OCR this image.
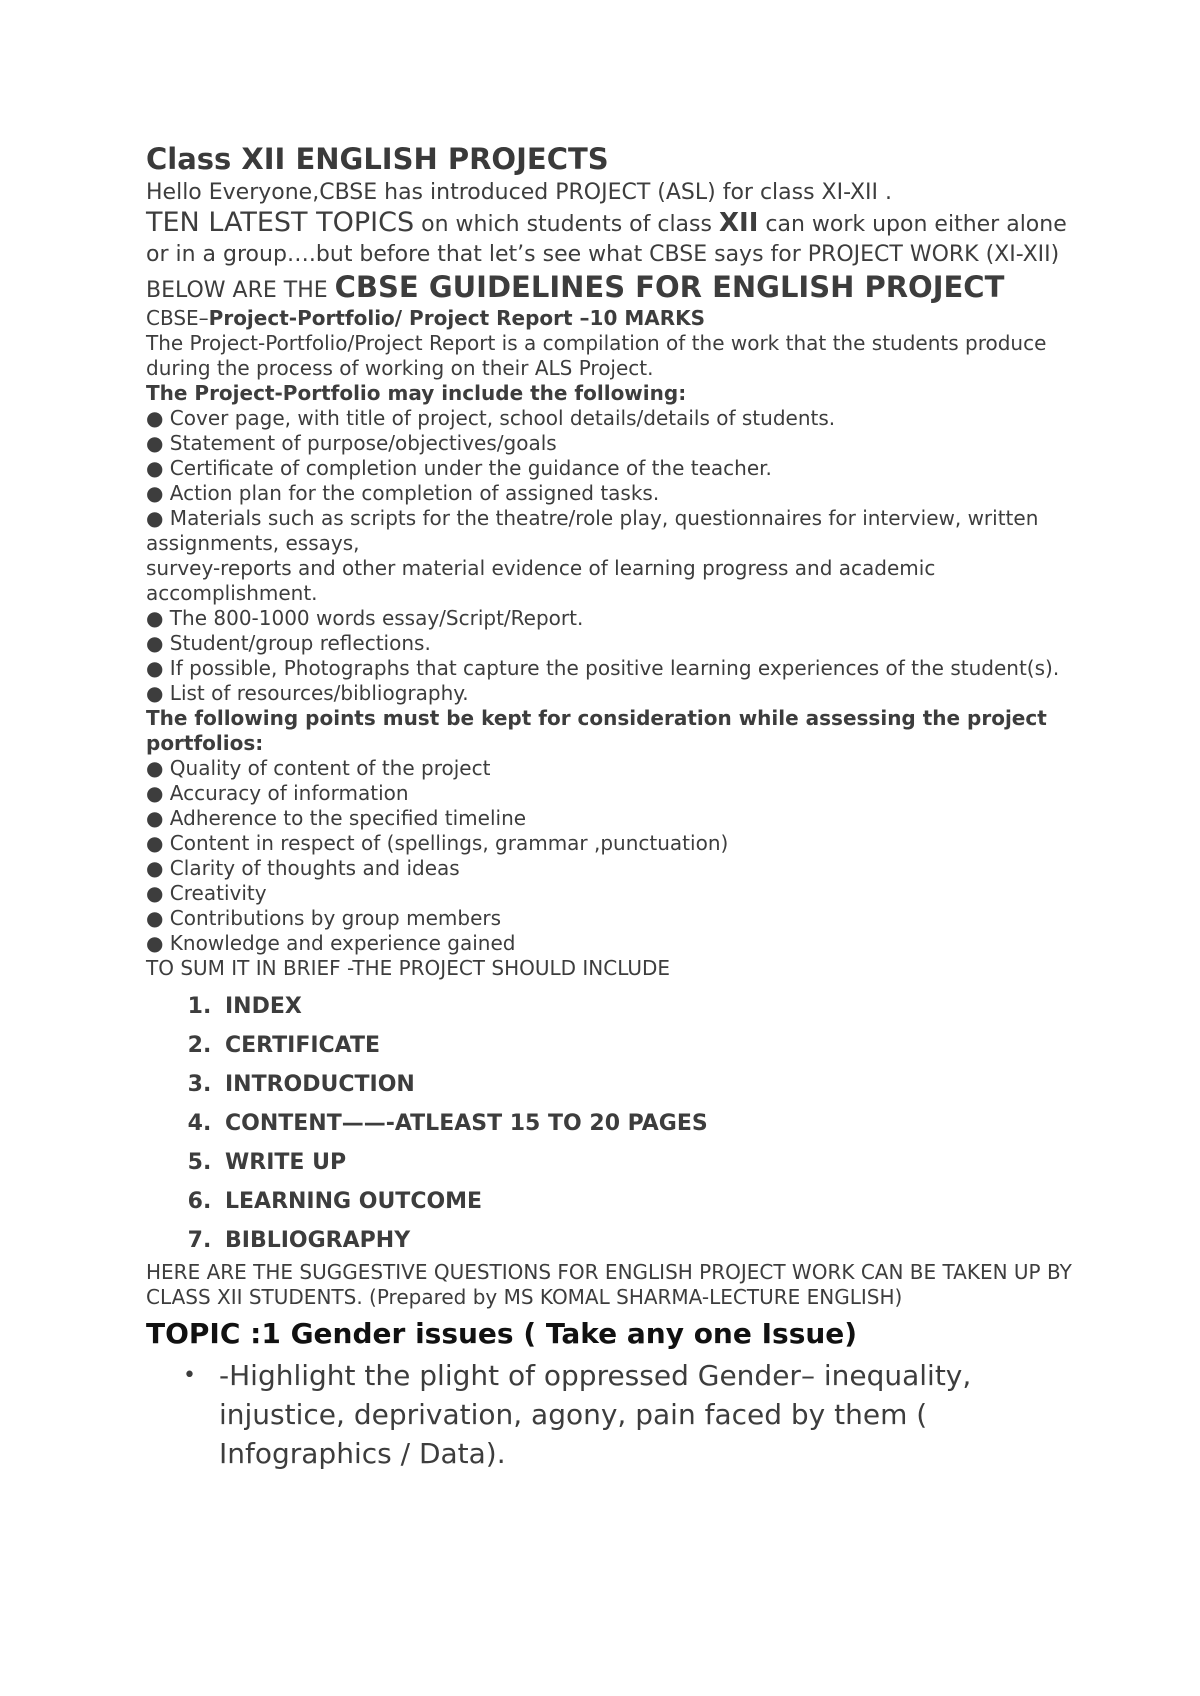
Class XII ENGLISH PROJECTS
Hello Everyone,CBSE has introduced PROJECT (ASL) for class XI-XII .
TEN LATEST TOPICS on which students of class XII can work upon either alone or in a group….but before that let’s see what CBSE says for PROJECT WORK (XI-XII)
BELOW ARE THE CBSE GUIDELINES FOR ENGLISH PROJECT
CBSE–Project-Portfolio/ Project Report –10 MARKS
The Project-Portfolio/Project Report is a compilation of the work that the students produce during the process of working on their ALS Project.
The Project-Portfolio may include the following:
● Cover page, with title of project, school details/details of students.
● Statement of purpose/objectives/goals
● Certificate of completion under the guidance of the teacher.
● Action plan for the completion of assigned tasks.
● Materials such as scripts for the theatre/role play, questionnaires for interview, written assignments, essays,
survey-reports and other material evidence of learning progress and academic accomplishment.
● The 800-1000 words essay/Script/Report.
● Student/group reflections.
● If possible, Photographs that capture the positive learning experiences of the student(s).
● List of resources/bibliography.
The following points must be kept for consideration while assessing the project portfolios:
● Quality of content of the project
● Accuracy of information
● Adherence to the specified timeline
● Content in respect of (spellings, grammar ,punctuation)
● Clarity of thoughts and ideas
● Creativity
● Contributions by group members
● Knowledge and experience gained
TO SUM IT IN BRIEF -THE PROJECT SHOULD INCLUDE
1. INDEX
2. CERTIFICATE
3. INTRODUCTION
4. CONTENT——-ATLEAST 15 TO 20 PAGES
5. WRITE UP
6. LEARNING OUTCOME
7. BIBLIOGRAPHY
HERE ARE THE SUGGESTIVE QUESTIONS FOR ENGLISH PROJECT WORK CAN BE TAKEN UP BY CLASS XII STUDENTS. (Prepared by MS KOMAL SHARMA-LECTURE ENGLISH)
TOPIC :1 Gender issues ( Take any one Issue)
• -Highlight the plight of oppressed Gender– inequality, injustice, deprivation, agony, pain faced by them ( Infographics / Data).
